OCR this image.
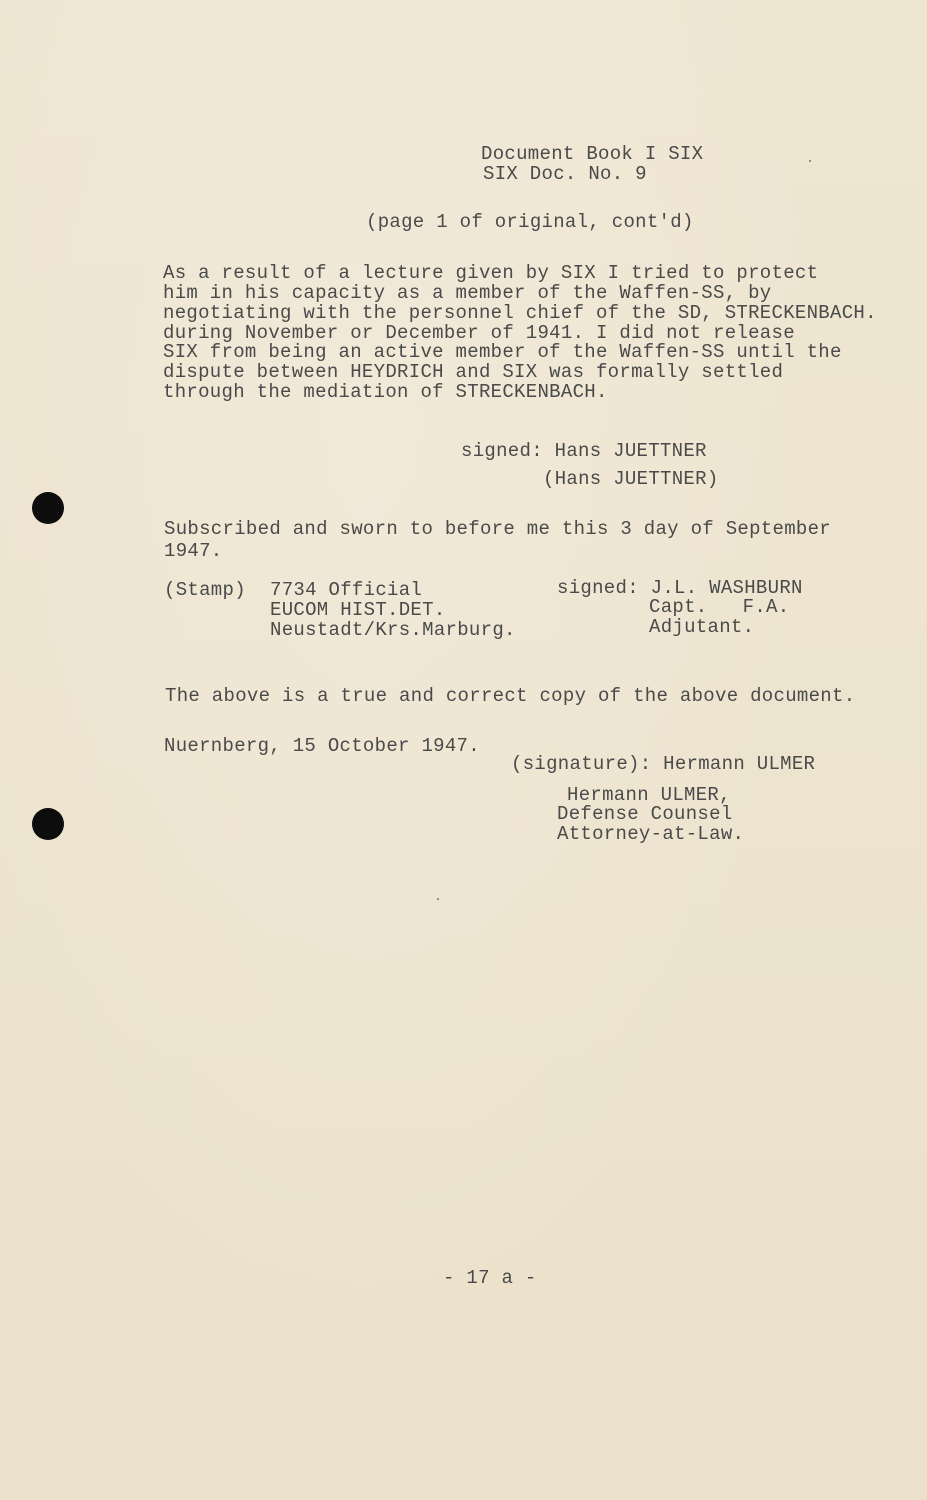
Document Book I SIX
SIX Doc. No. 9
(page 1 of original, cont'd)
As a result of a lecture given by SIX I tried to protect
him in his capacity as a member of the Waffen-SS, by
negotiating with the personnel chief of the SD, STRECKENBACH.
during November or December of 1941. I did not release
SIX from being an active member of the Waffen-SS until the
dispute between HEYDRICH and SIX was formally settled
through the mediation of STRECKENBACH.
signed: Hans JUETTNER
(Hans JUETTNER)
Subscribed and sworn to before me this 3 day of September
1947.
(Stamp) 7734 Official
EUCOM HIST.DET.
Neustadt/Krs.Marburg.
signed: J.L. WASHBURN
Capt.   F.A.
Adjutant.
The above is a true and correct copy of the above document.
Nuernberg, 15 October 1947.
(signature): Hermann ULMER
Hermann ULMER,
Defense Counsel
Attorney-at-Law.
- 17 a -
